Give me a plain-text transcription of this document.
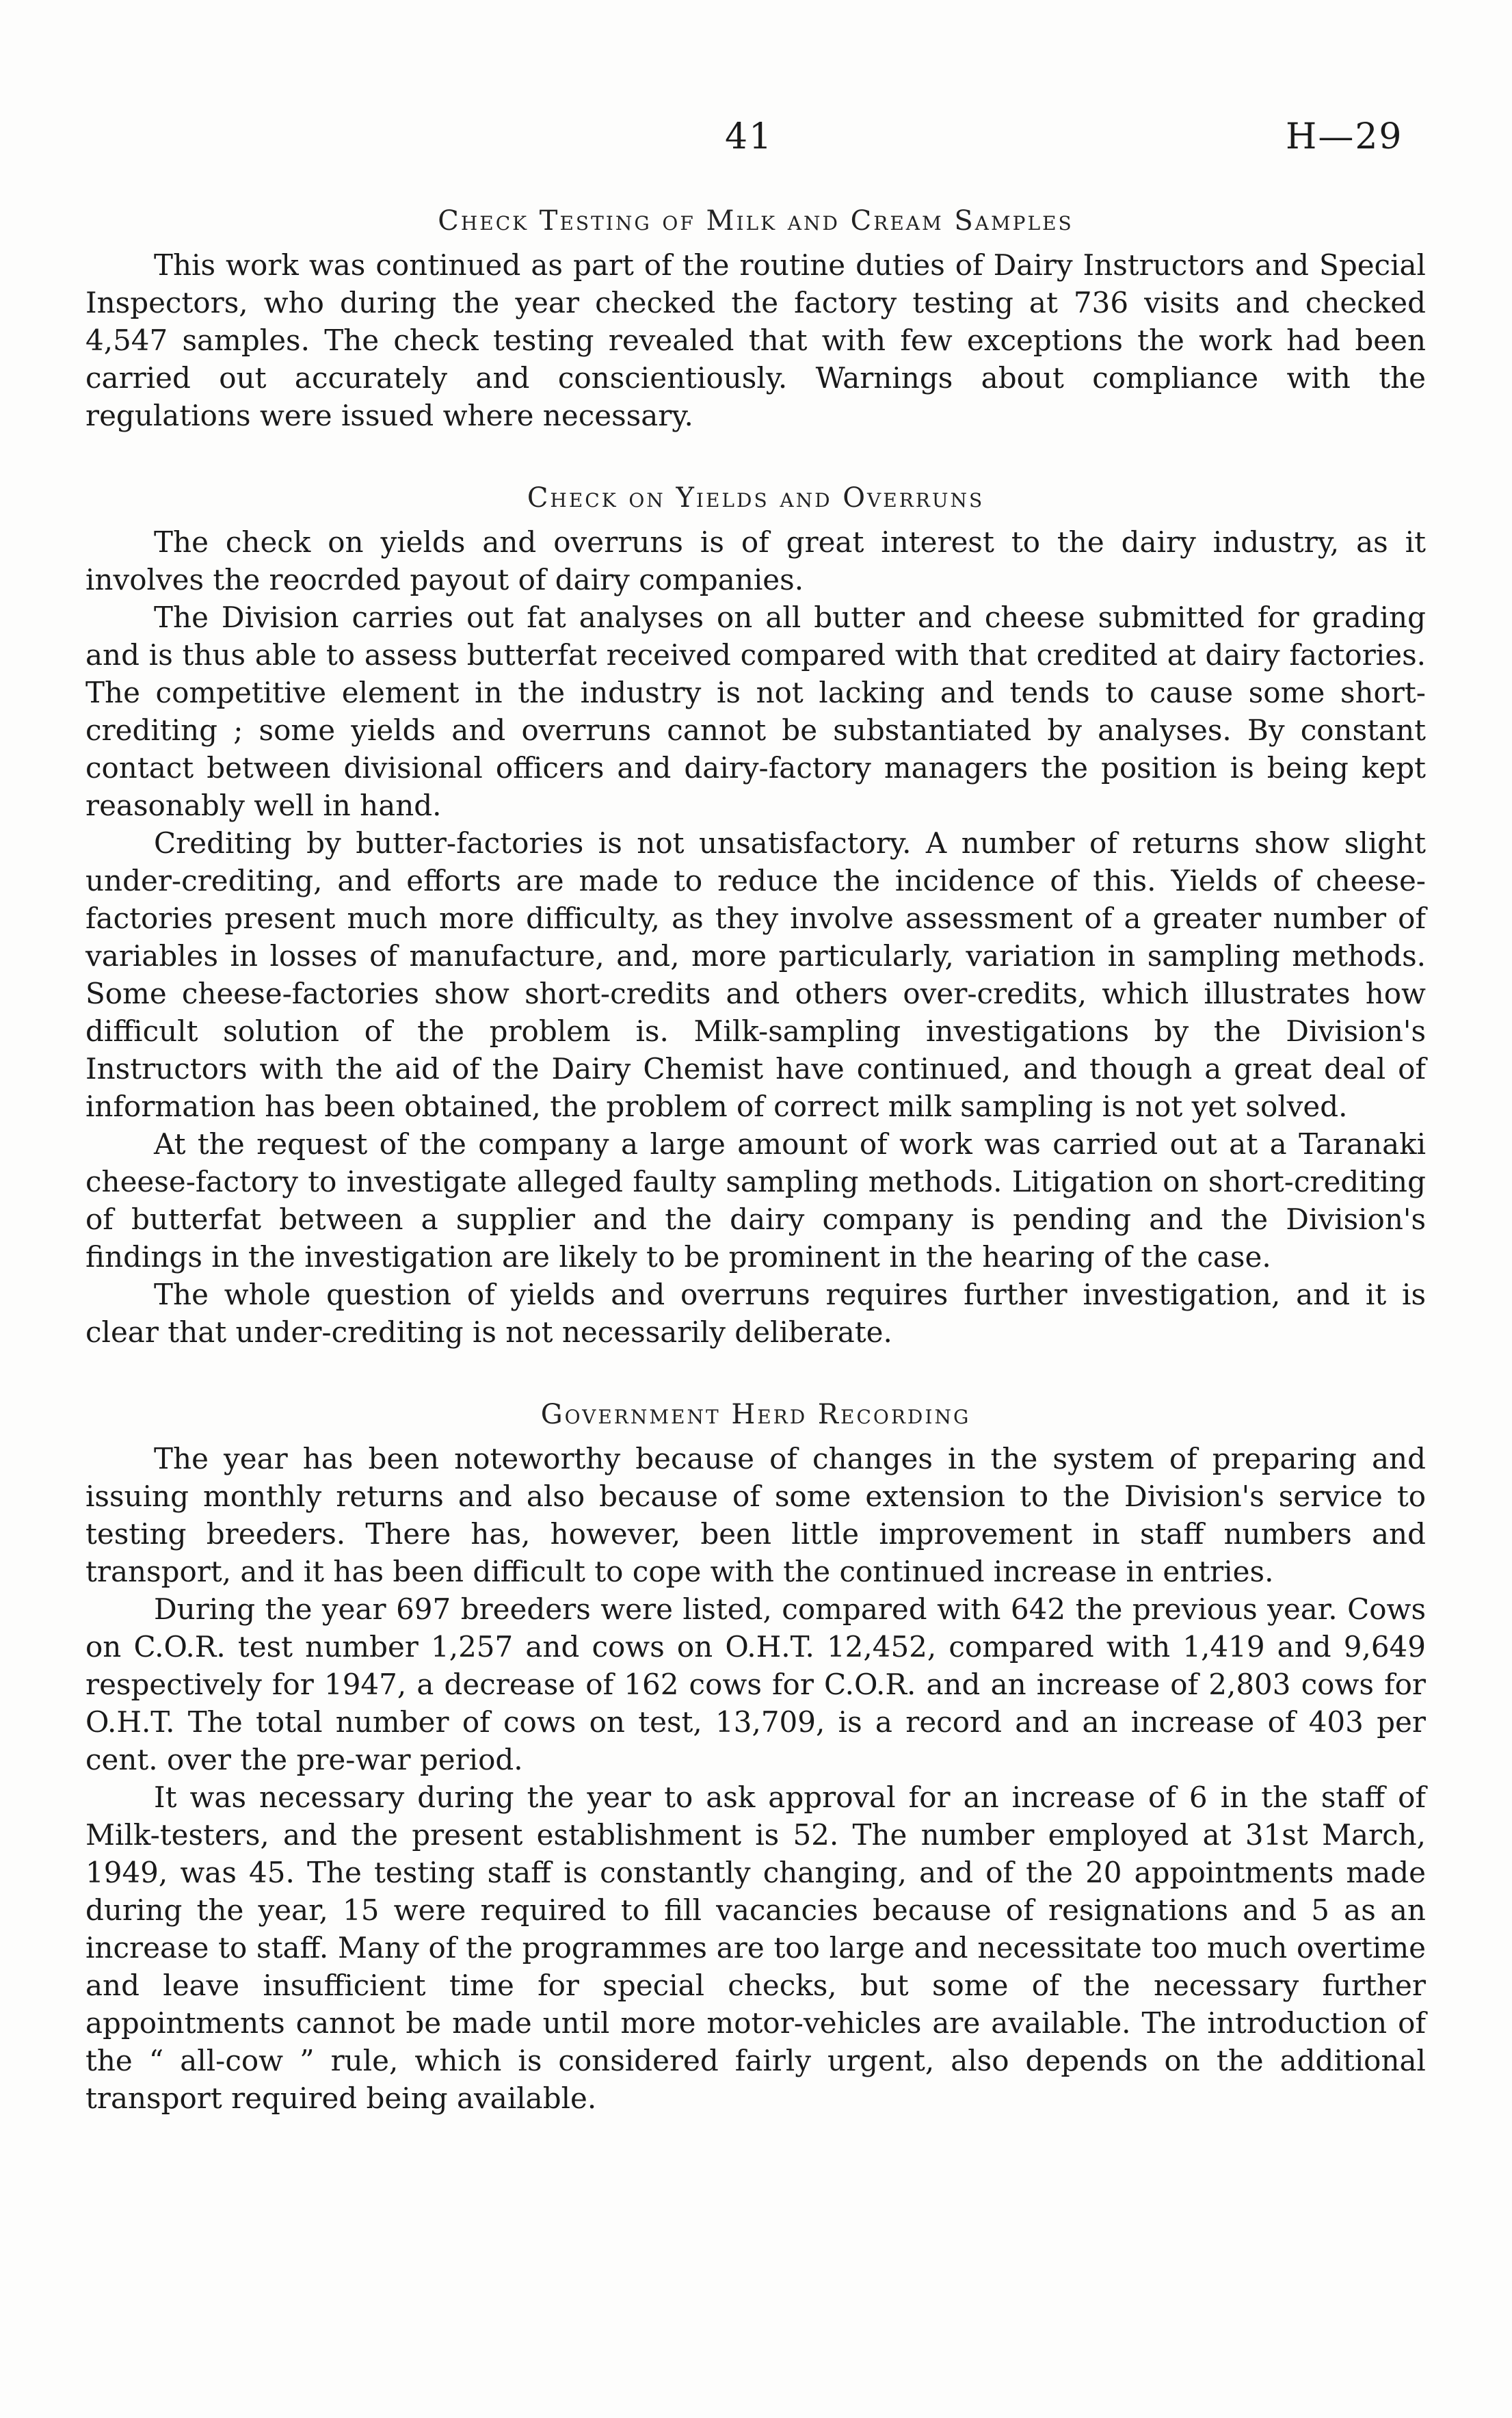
41	H—29
Check Testing of Milk and Cream Samples

This work was continued as part of the routine duties of Dairy Instructors and Special Inspectors, who during the year checked the factory testing at 736 visits and checked 4,547 samples. The check testing revealed that with few exceptions the work had been carried out accurately and conscientiously. Warnings about compliance with the regulations were issued where necessary.

Check on Yields and Overruns

The check on yields and overruns is of great interest to the dairy industry, as it involves the reocrded payout of dairy companies.

The Division carries out fat analyses on all butter and cheese submitted for grading and is thus able to assess butterfat received compared with that credited at dairy factories. The competitive element in the industry is not lacking and tends to cause some short-crediting ; some yields and overruns cannot be substantiated by analyses. By constant contact between divisional officers and dairy-factory managers the position is being kept reasonably well in hand.

Crediting by butter-factories is not unsatisfactory. A number of returns show slight under-crediting, and efforts are made to reduce the incidence of this. Yields of cheese-factories present much more difficulty, as they involve assessment of a greater number of variables in losses of manufacture, and, more particularly, variation in sampling methods. Some cheese-factories show short-credits and others over-credits, which illustrates how difficult solution of the problem is. Milk-sampling investigations by the Division's Instructors with the aid of the Dairy Chemist have continued, and though a great deal of information has been obtained, the problem of correct milk sampling is not yet solved.

At the request of the company a large amount of work was carried out at a Taranaki cheese-factory to investigate alleged faulty sampling methods. Litigation on short-crediting of butterfat between a supplier and the dairy company is pending and the Division's findings in the investigation are likely to be prominent in the hearing of the case.

The whole question of yields and overruns requires further investigation, and it is clear that under-crediting is not necessarily deliberate.

Government Herd Recording

The year has been noteworthy because of changes in the system of preparing and issuing monthly returns and also because of some extension to the Division's service to testing breeders. There has, however, been little improvement in staff numbers and transport, and it has been difficult to cope with the continued increase in entries.

During the year 697 breeders were listed, compared with 642 the previous year. Cows on C.O.R. test number 1,257 and cows on O.H.T. 12,452, compared with 1,419 and 9,649 respectively for 1947, a decrease of 162 cows for C.O.R. and an increase of 2,803 cows for O.H.T. The total number of cows on test, 13,709, is a record and an increase of 403 per cent. over the pre-war period.

It was necessary during the year to ask approval for an increase of 6 in the staff of Milk-testers, and the present establishment is 52. The number employed at 31st March, 1949, was 45. The testing staff is constantly changing, and of the 20 appointments made during the year, 15 were required to fill vacancies because of resignations and 5 as an increase to staff. Many of the programmes are too large and necessitate too much overtime and leave insufficient time for special checks, but some of the necessary further appointments cannot be made until more motor-vehicles are available. The introduction of the “ all-cow ” rule, which is considered fairly urgent, also depends on the additional transport required being available.
